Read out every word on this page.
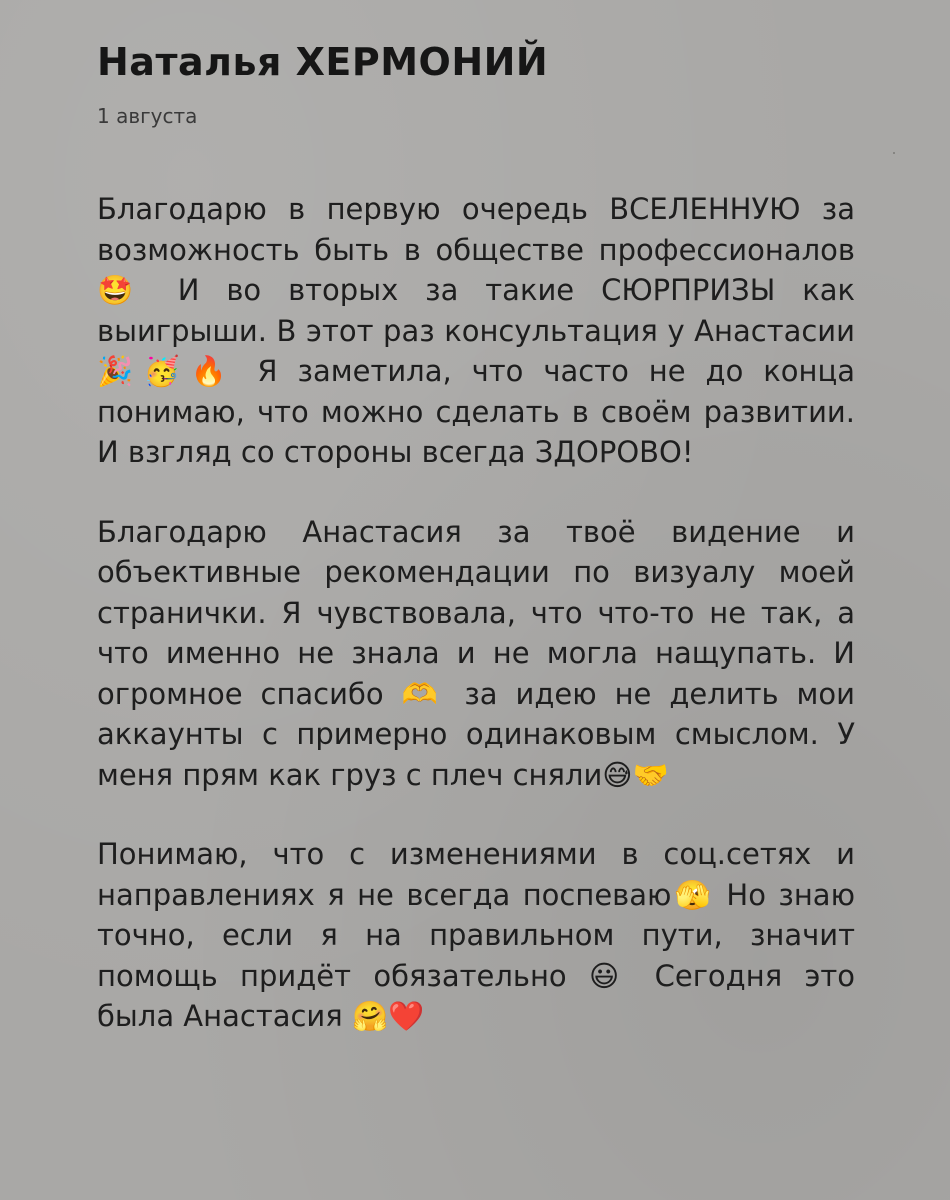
Наталья ХЕРМОНИЙ
1 августа

Благодарю в первую очередь ВСЕЛЕННУЮ за возможность быть в обществе профессионалов🤩 И во вторых за такие СЮРПРИЗЫ как выигрыши. В этот раз консультация у Анастасии 🎉🥳🔥 Я заметила, что часто не до конца понимаю, что можно сделать в своём развитии. И взгляд со стороны всегда ЗДОРОВО!

Благодарю Анастасия за твоё видение и объективные рекомендации по визуалу моей странички. Я чувствовала, что что-то не так, а что именно не знала и не могла нащупать. И огромное спасибо 🫶 за идею не делить мои аккаунты с примерно одинаковым смыслом. У меня прям как груз с плеч сняли😅🤝

Понимаю, что с изменениями в соц.сетях и направлениях я не всегда поспеваю🫣 Но знаю точно, если я на правильном пути, значит помощь придёт обязательно 😃 Сегодня это была Анастасия 🤗❤️
